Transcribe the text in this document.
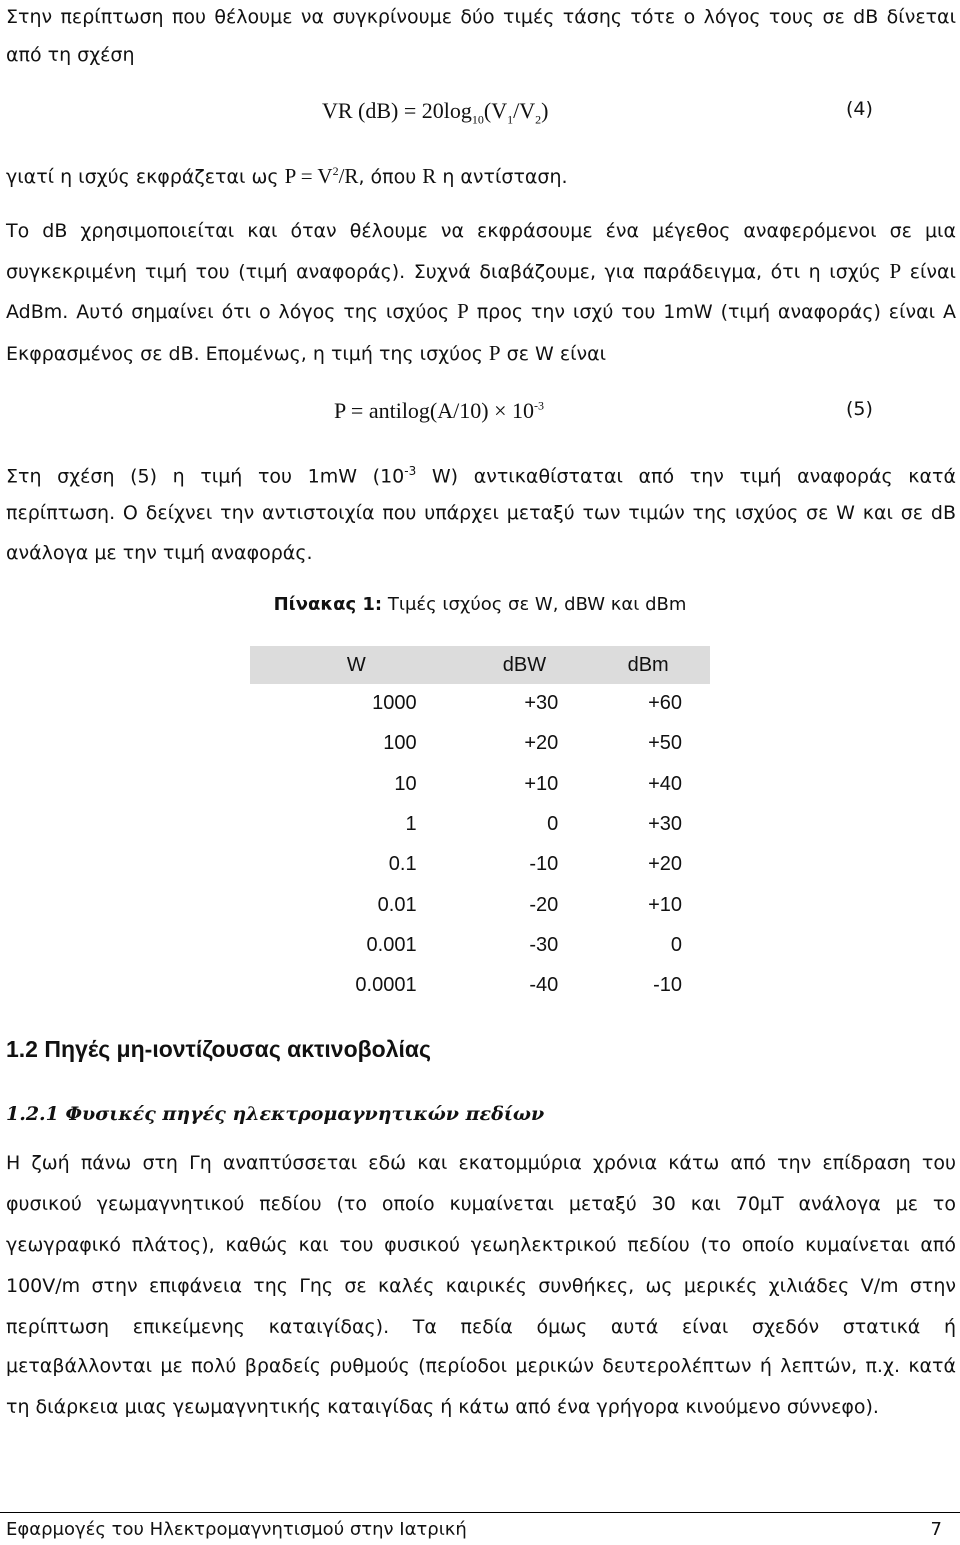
Στην περίπτωση που θέλουμε να συγκρίνουμε δύο τιμές τάσης τότε ο λόγος τους σε dB δίνεται
από τη σχέση
VR $(dB) = 20\log_{10}(V_1/V_2)$	(4)
γιατί η ισχύς εκφράζεται ως $P = V^2/R$, όπου R η αντίσταση.
Το dB χρησιμοποιείται και όταν θέλουμε να εκφράσουμε ένα μέγεθος αναφερόμενοι σε μια
συγκεκριμένη τιμή του (τιμή αναφοράς). Συχνά διαβάζουμε, για παράδειγμα, ότι η ισχύς P είναι
AdBm. Αυτό σημαίνει ότι ο λόγος της ισχύος P προς την ισχύ του 1mW (τιμή αναφοράς) είναι A
Εκφρασμένος σε dB. Επομένως, η τιμή της ισχύος P σε W είναι
P = antilog(A/10) × $10^{-3}$	(5)
Στη σχέση (5) η τιμή του 1mW ($10^{-3}$ W) αντικαθίσταται από την τιμή αναφοράς κατά
περίπτωση. Ο δείχνει την αντιστοιχία που υπάρχει μεταξύ των τιμών της ισχύος σε W και σε dB
ανάλογα με την τιμή αναφοράς.
Πίνακας 1: Τιμές ισχύος σε W, dBW και dBm
W	dBW	dBm
1000	+30	+60
100	+20	+50
10	+10	+40
1	0	+30
0.1	-10	+20
0.01	-20	+10
0.001	-30	0
0.0001	-40	-10
1.2 Πηγές μη-ιοντίζουσας ακτινοβολίας
1.2.1 Φυσικές πηγές ηλεκτρομαγνητικών πεδίων
Η ζωή πάνω στη Γη αναπτύσσεται εδώ και εκατομμύρια χρόνια κάτω από την επίδραση του
φυσικού γεωμαγνητικού πεδίου (το οποίο κυμαίνεται μεταξύ 30 και 70μT ανάλογα με το
γεωγραφικό πλάτος), καθώς και του φυσικού γεωηλεκτρικού πεδίου (το οποίο κυμαίνεται από
100V/m στην επιφάνεια της Γης σε καλές καιρικές συνθήκες, ως μερικές χιλιάδες V/m στην
περίπτωση επικείμενης καταιγίδας). Τα πεδία όμως αυτά είναι σχεδόν στατικά ή
μεταβάλλονται με πολύ βραδείς ρυθμούς (περίοδοι μερικών δευτερολέπτων ή λεπτών, π.χ. κατά
τη διάρκεια μιας γεωμαγνητικής καταιγίδας ή κάτω από ένα γρήγορα κινούμενο σύννεφο).
Εφαρμογές του Ηλεκτρομαγνητισμού στην Ιατρική	7
